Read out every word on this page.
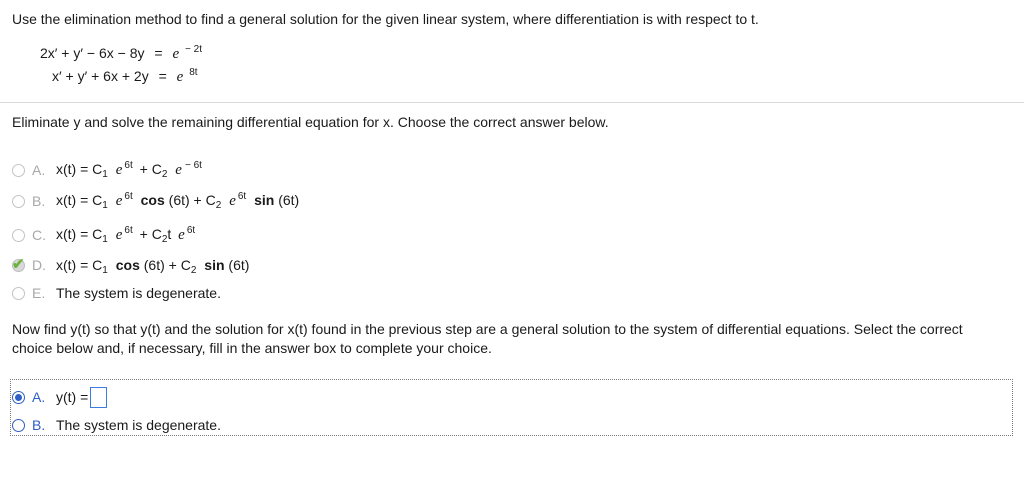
Use the elimination method to find a general solution for the given linear system, where differentiation is with respect to t.
2x′ + y′ − 6x − 8y = e $^{- 2t}$
x′ + y′ + 6x + 2y = e $^{8t}$
Eliminate y and solve the remaining differential equation for x. Choose the correct answer below.
A. $x(t) = C_1$ e $^{6t} + C_2$ e $^{- 6t}$
B. $x(t) = C_1$ e $^{6t}$ $\cos (6t) + C_2$ e $^{6t}$ sin (6t)
C. $x(t) = C_1$ e $^{6t} + C_2t$ e $^{6t}$
✔ D. $x(t) = C_1$ $\cos (6t) + C_2$ sin (6t)
E. The system is degenerate.
Now find y(t) so that y(t) and the solution for x(t) found in the previous step are a general solution to the system of differential equations. Select the correct choice below and, if necessary, fill in the answer box to complete your choice.
A. y(t) =
B. The system is degenerate.
